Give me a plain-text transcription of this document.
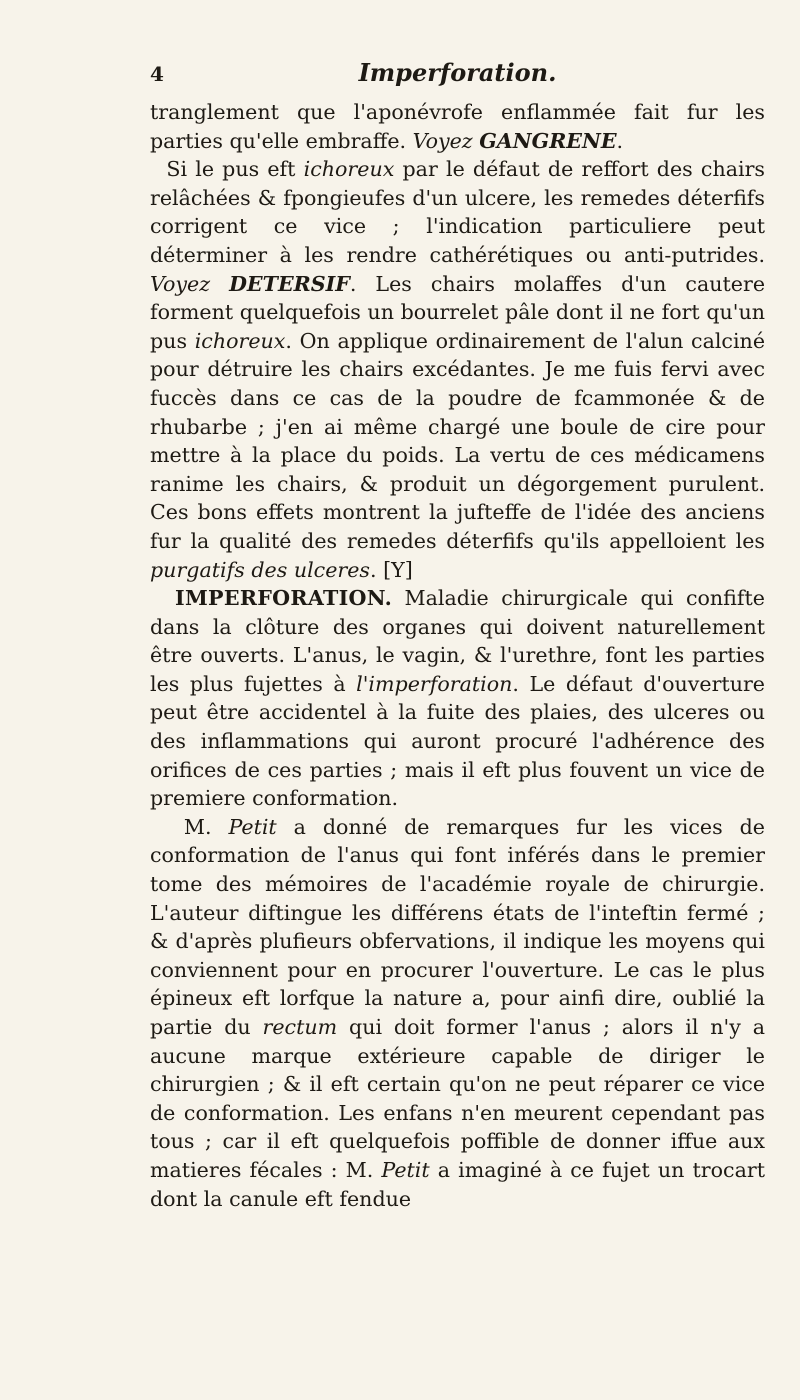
4	Imperforation.

tranglement que l'aponévrofe enflammée fait fur les parties qu'elle embraffe. Voyez GANGRENE.

Si le pus eft ichoreux par le défaut de reffort des chairs relâchées & fpongieufes d'un ulcere, les remedes déterfifs corrigent ce vice ; l'indication particuliere peut déterminer à les rendre cathérétiques ou anti-putrides. Voyez DETERSIF. Les chairs molaffes d'un cautere forment quelquefois un bourrelet pâle dont il ne fort qu'un pus ichoreux. On applique ordinairement de l'alun calciné pour détruire les chairs excédantes. Je me fuis fervi avec fuccès dans ce cas de la poudre de fcammonée & de rhubarbe ; j'en ai même chargé une boule de cire pour mettre à la place du poids. La vertu de ces médicamens ranime les chairs, & produit un dégorgement purulent. Ces bons effets montrent la jufteffe de l'idée des anciens fur la qualité des remedes déterfifs qu'ils appelloient les purgatifs des ulceres. [Y]

IMPERFORATION. Maladie chirurgicale qui confifte dans la clôture des organes qui doivent naturellement être ouverts. L'anus, le vagin, & l'urethre, font les parties les plus fujettes à l'imperforation. Le défaut d'ouverture peut être accidentel à la fuite des plaies, des ulceres ou des inflammations qui auront procuré l'adhérence des orifices de ces parties ; mais il eft plus fouvent un vice de premiere conformation.

M. Petit a donné de remarques fur les vices de conformation de l'anus qui font inférés dans le premier tome des mémoires de l'académie royale de chirurgie. L'auteur diftingue les différens états de l'inteftin fermé ; & d'après plufieurs obfervations, il indique les moyens qui conviennent pour en procurer l'ouverture. Le cas le plus épineux eft lorfque la nature a, pour ainfi dire, oublié la partie du rectum qui doit former l'anus ; alors il n'y a aucune marque extérieure capable de diriger le chirurgien ; & il eft certain qu'on ne peut réparer ce vice de conformation. Les enfans n'en meurent cependant pas tous ; car il eft quelquefois poffible de donner iffue aux matieres fécales : M. Petit a imaginé à ce fujet un trocart dont la canule eft fendue
